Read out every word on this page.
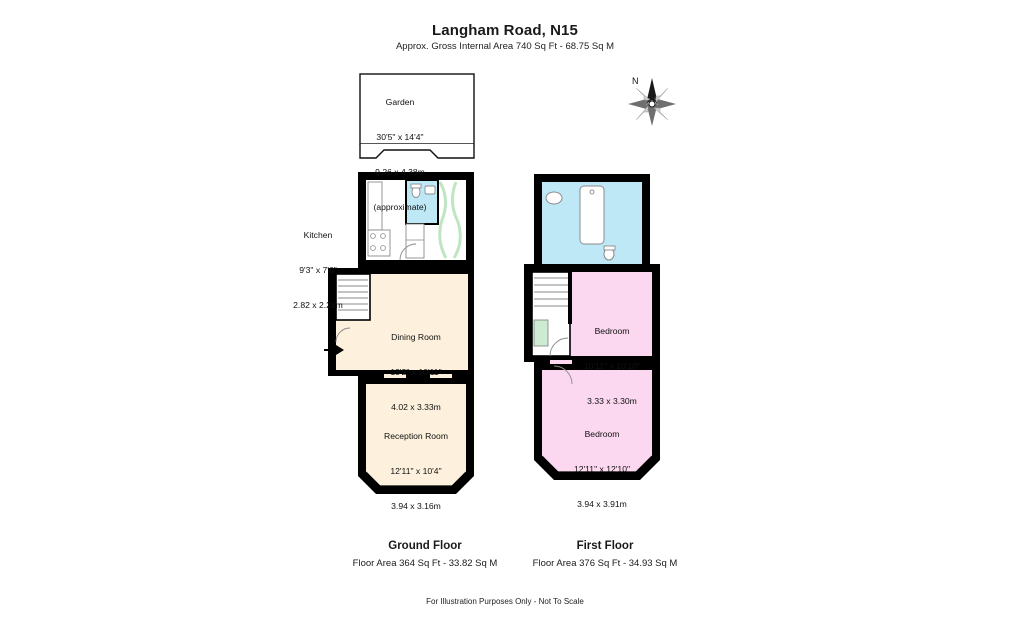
Langham Road, N15
Approx. Gross Internal Area 740 Sq Ft - 68.75 Sq M

Garden

30'5" x 14'4"

9.26 x 4.38m

(approximate)

Kitchen

9'3" x 7'6"

2.82 x 2.28m

Dining Room

13'2" x 10'11"

4.02 x 3.33m

Reception Room

12'11" x 10'4"

3.94 x 3.16m

Bedroom

10'11" x 10'10"

3.33 x 3.30m

Bedroom

12'11" x 12'10"

3.94 x 3.91m

N
Ground Floor
Floor Area 364 Sq Ft - 33.82 Sq M
First Floor
Floor Area 376 Sq Ft - 34.93 Sq M
For Illustration Purposes Only - Not To Scale
